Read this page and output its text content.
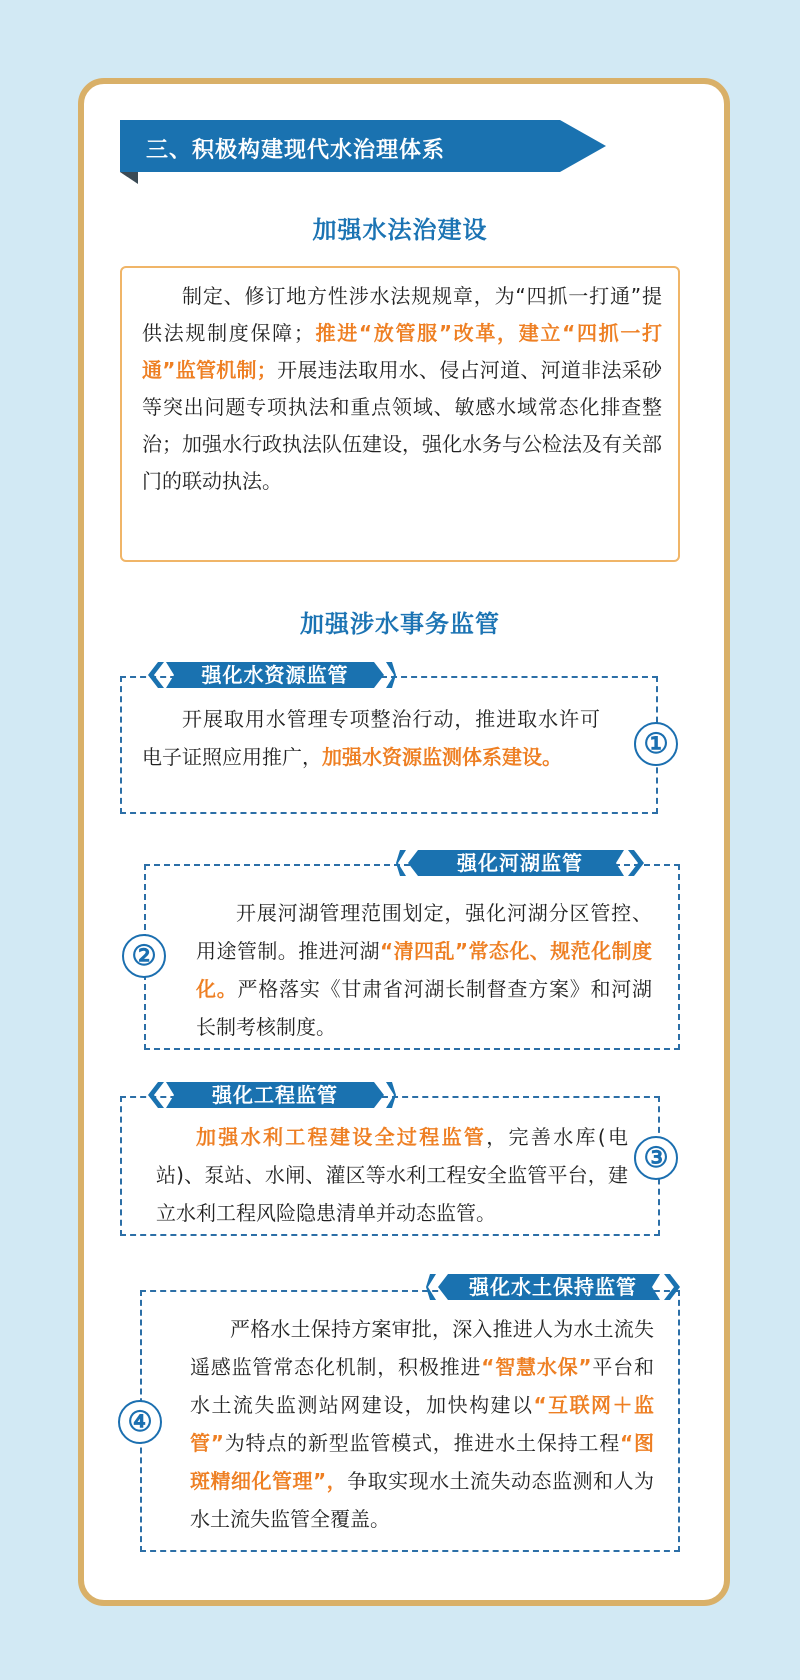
三、积极构建现代水治理体系
加强水法治建设

制定、修订地方性涉水法规规章，为“四抓一打通”提供法规制度保障；推进“放管服”改革，建立“四抓一打通”监管机制；开展违法取用水、侵占河道、河道非法采砂等突出问题专项执法和重点领域、敏感水域常态化排查整治；加强水行政执法队伍建设，强化水务与公检法及有关部门的联动执法。

加强涉水事务监管
强化水资源监管

开展取用水管理专项整治行动，推进取水许可电子证照应用推广，加强水资源监测体系建设。	①
强化河湖监管

开展河湖管理范围划定，强化河湖分区管控、用途管制。推进河湖“清四乱”常态化、规范化制度化。严格落实《甘肃省河湖长制督查方案》和河湖长制考核制度。

②
强化工程监管

加强水利工程建设全过程监管，完善水库(电站)、泵站、水闸、灌区等水利工程安全监管平台，建立水利工程风险隐患清单并动态监管。

③
强化水土保持监管

严格水土保持方案审批，深入推进人为水土流失遥感监管常态化机制，积极推进“智慧水保”平台和水土流失监测站网建设，加快构建以“互联网＋监管”为特点的新型监管模式，推进水土保持工程“图斑精细化管理”，争取实现水土流失动态监测和人为水土流失监管全覆盖。

④
